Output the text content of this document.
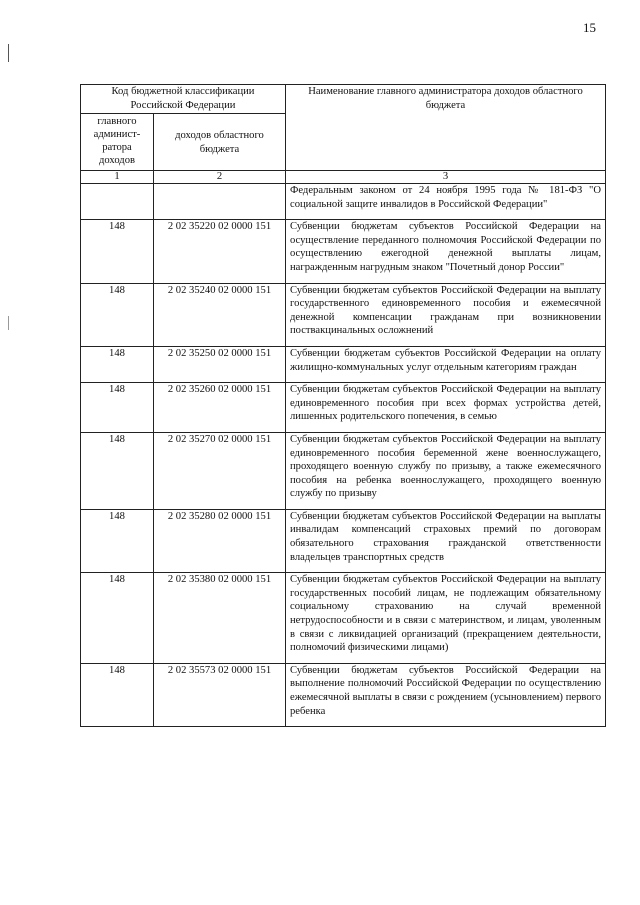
15
Код бюджетной классификации Российской Федерации		Наименование главного администратора доходов областного бюджета
главного админист-ратора доходов	доходов областного бюджета	
1	2	3
		Федеральным законом от 24 ноября 1995 года № 181-ФЗ "О социальной защите инвалидов в Российской Федерации"
148	2 02 35220 02 0000 151	Субвенции бюджетам субъектов Российской Федерации на осуществление переданного полномочия Российской Федерации по осуществлению ежегодной денежной выплаты лицам, награжденным нагрудным знаком "Почетный донор России"
148	2 02 35240 02 0000 151	Субвенции бюджетам субъектов Российской Федерации на выплату государственного единовременного пособия и ежемесячной денежной компенсации гражданам при возникновении поствакцинальных осложнений
148	2 02 35250 02 0000 151	Субвенции бюджетам субъектов Российской Федерации на оплату жилищно-коммунальных услуг отдельным категориям граждан
148	2 02 35260 02 0000 151	Субвенции бюджетам субъектов Российской Федерации на выплату единовременного пособия при всех формах устройства детей, лишенных родительского попечения, в семью
148	2 02 35270 02 0000 151	Субвенции бюджетам субъектов Российской Федерации на выплату единовременного пособия беременной жене военнослужащего, проходящего военную службу по призыву, а также ежемесячного пособия на ребенка военнослужащего, проходящего военную службу по призыву
148	2 02 35280 02 0000 151	Субвенции бюджетам субъектов Российской Федерации на выплаты инвалидам компенсаций страховых премий по договорам обязательного страхования гражданской ответственности владельцев транспортных средств
148	2 02 35380 02 0000 151	Субвенции бюджетам субъектов Российской Федерации на выплату государственных пособий лицам, не подлежащим обязательному социальному страхованию на случай временной нетрудоспособности и в связи с материнством, и лицам, уволенным в связи с ликвидацией организаций (прекращением деятельности, полномочий физическими лицами)
148	2 02 35573 02 0000 151	Субвенции бюджетам субъектов Российской Федерации на выполнение полномочий Российской Федерации по осуществлению ежемесячной выплаты в связи с рождением (усыновлением) первого ребенка
